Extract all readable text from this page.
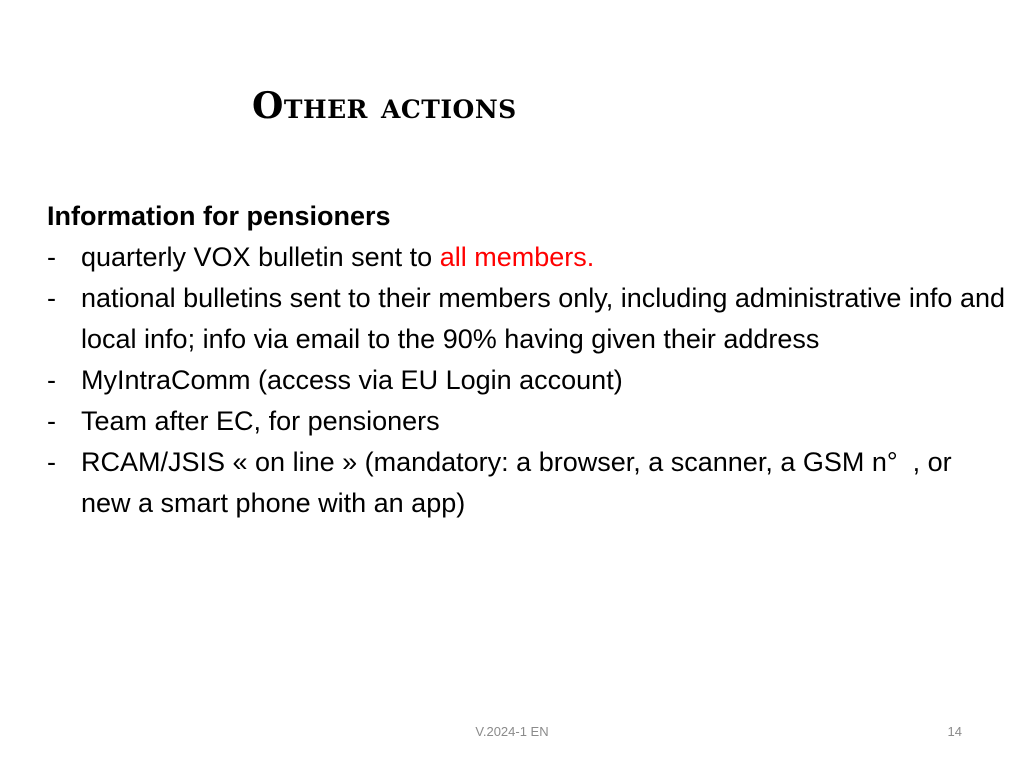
Other actions
Information for pensioners
- quarterly VOX bulletin sent to all members.
- national bulletins sent to their members only, including administrative info and local info; info via email to the 90% having given their address
- MyIntraComm (access via EU Login account)
- Team after EC, for pensioners
- RCAM/JSIS « on line » (mandatory: a browser, a scanner, a GSM n°  , or new a smart phone with an app)
V.2024-1 EN	14
